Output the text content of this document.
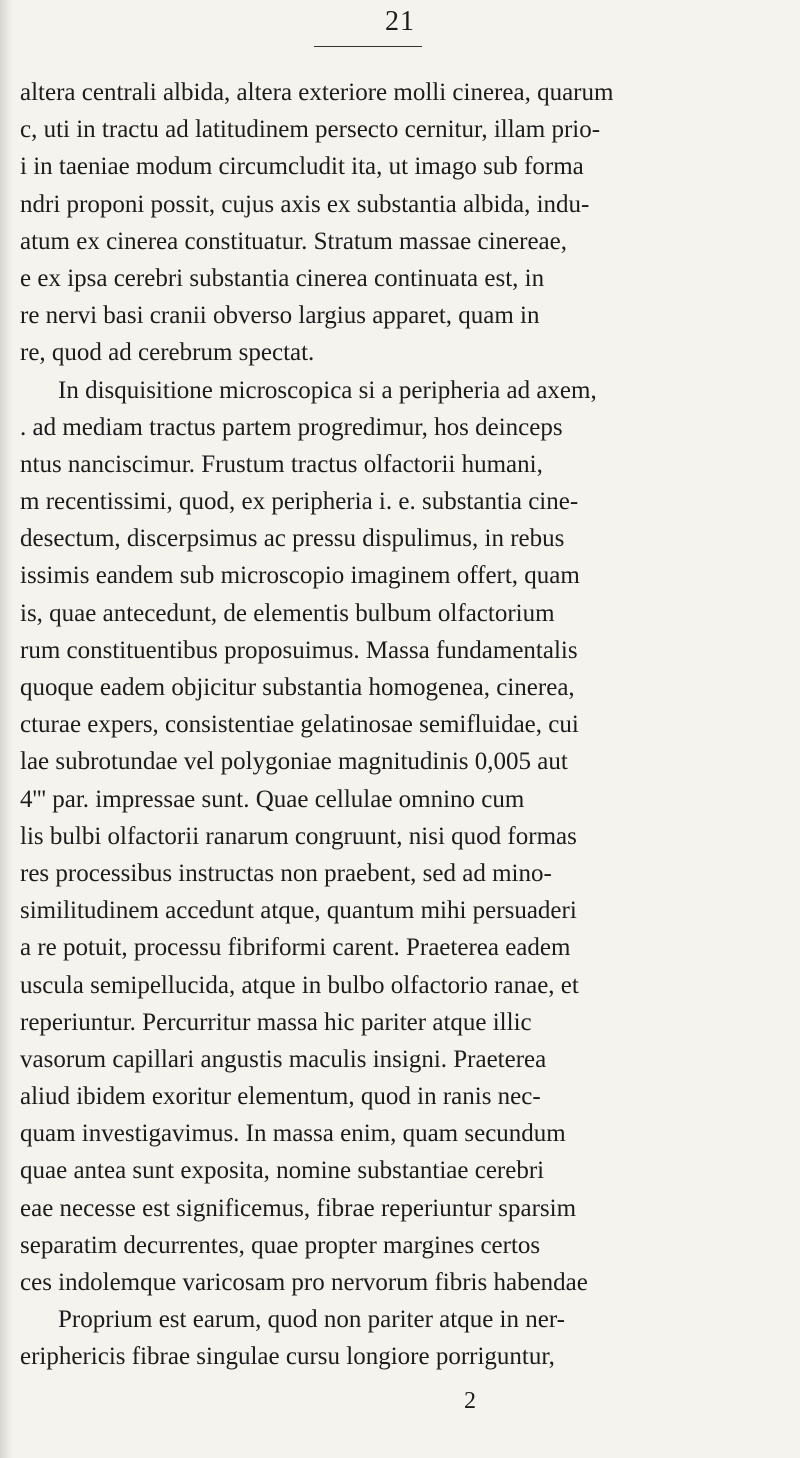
21
altera centrali albida, altera exteriore molli cinerea, quarum
c, uti in tractu ad latitudinem persecto cernitur, illam prio-
i in taeniae modum circumcludit ita, ut imago sub forma
ndri proponi possit, cujus axis ex substantia albida, indu-
atum ex cinerea constituatur. Stratum massae cinereae,
e ex ipsa cerebri substantia cinerea continuata est, in
re nervi basi cranii obverso largius apparet, quam in
re, quod ad cerebrum spectat.
In disquisitione microscopica si a peripheria ad axem,
. ad mediam tractus partem progredimur, hos deinceps
ntus nanciscimur. Frustum tractus olfactorii humani,
m recentissimi, quod, ex peripheria i. e. substantia cine-
desectum, discerpsimus ac pressu dispulimus, in rebus
issimis eandem sub microscopio imaginem offert, quam
is, quae antecedunt, de elementis bulbum olfactorium
rum constituentibus proposuimus. Massa fundamentalis
quoque eadem objicitur substantia homogenea, cinerea,
cturae expers, consistentiae gelatinosae semifluidae, cui
lae subrotundae vel polygoniae magnitudinis 0,005 aut
4''' par. impressae sunt. Quae cellulae omnino cum
lis bulbi olfactorii ranarum congruunt, nisi quod formas
res processibus instructas non praebent, sed ad mino-
similitudinem accedunt atque, quantum mihi persuaderi
a re potuit, processu fibriformi carent. Praeterea eadem
uscula semipellucida, atque in bulbo olfactorio ranae, et
reperiuntur. Percurritur massa hic pariter atque illic
vasorum capillari angustis maculis insigni. Praeterea
aliud ibidem exoritur elementum, quod in ranis nec-
quam investigavimus. In massa enim, quam secundum
quae antea sunt exposita, nomine substantiae cerebri
eae necesse est significemus, fibrae reperiuntur sparsim
separatim decurrentes, quae propter margines certos
ces indolemque varicosam pro nervorum fibris habendae
Proprium est earum, quod non pariter atque in ner-
eriphericis fibrae singulae cursu longiore porriguntur,
2
